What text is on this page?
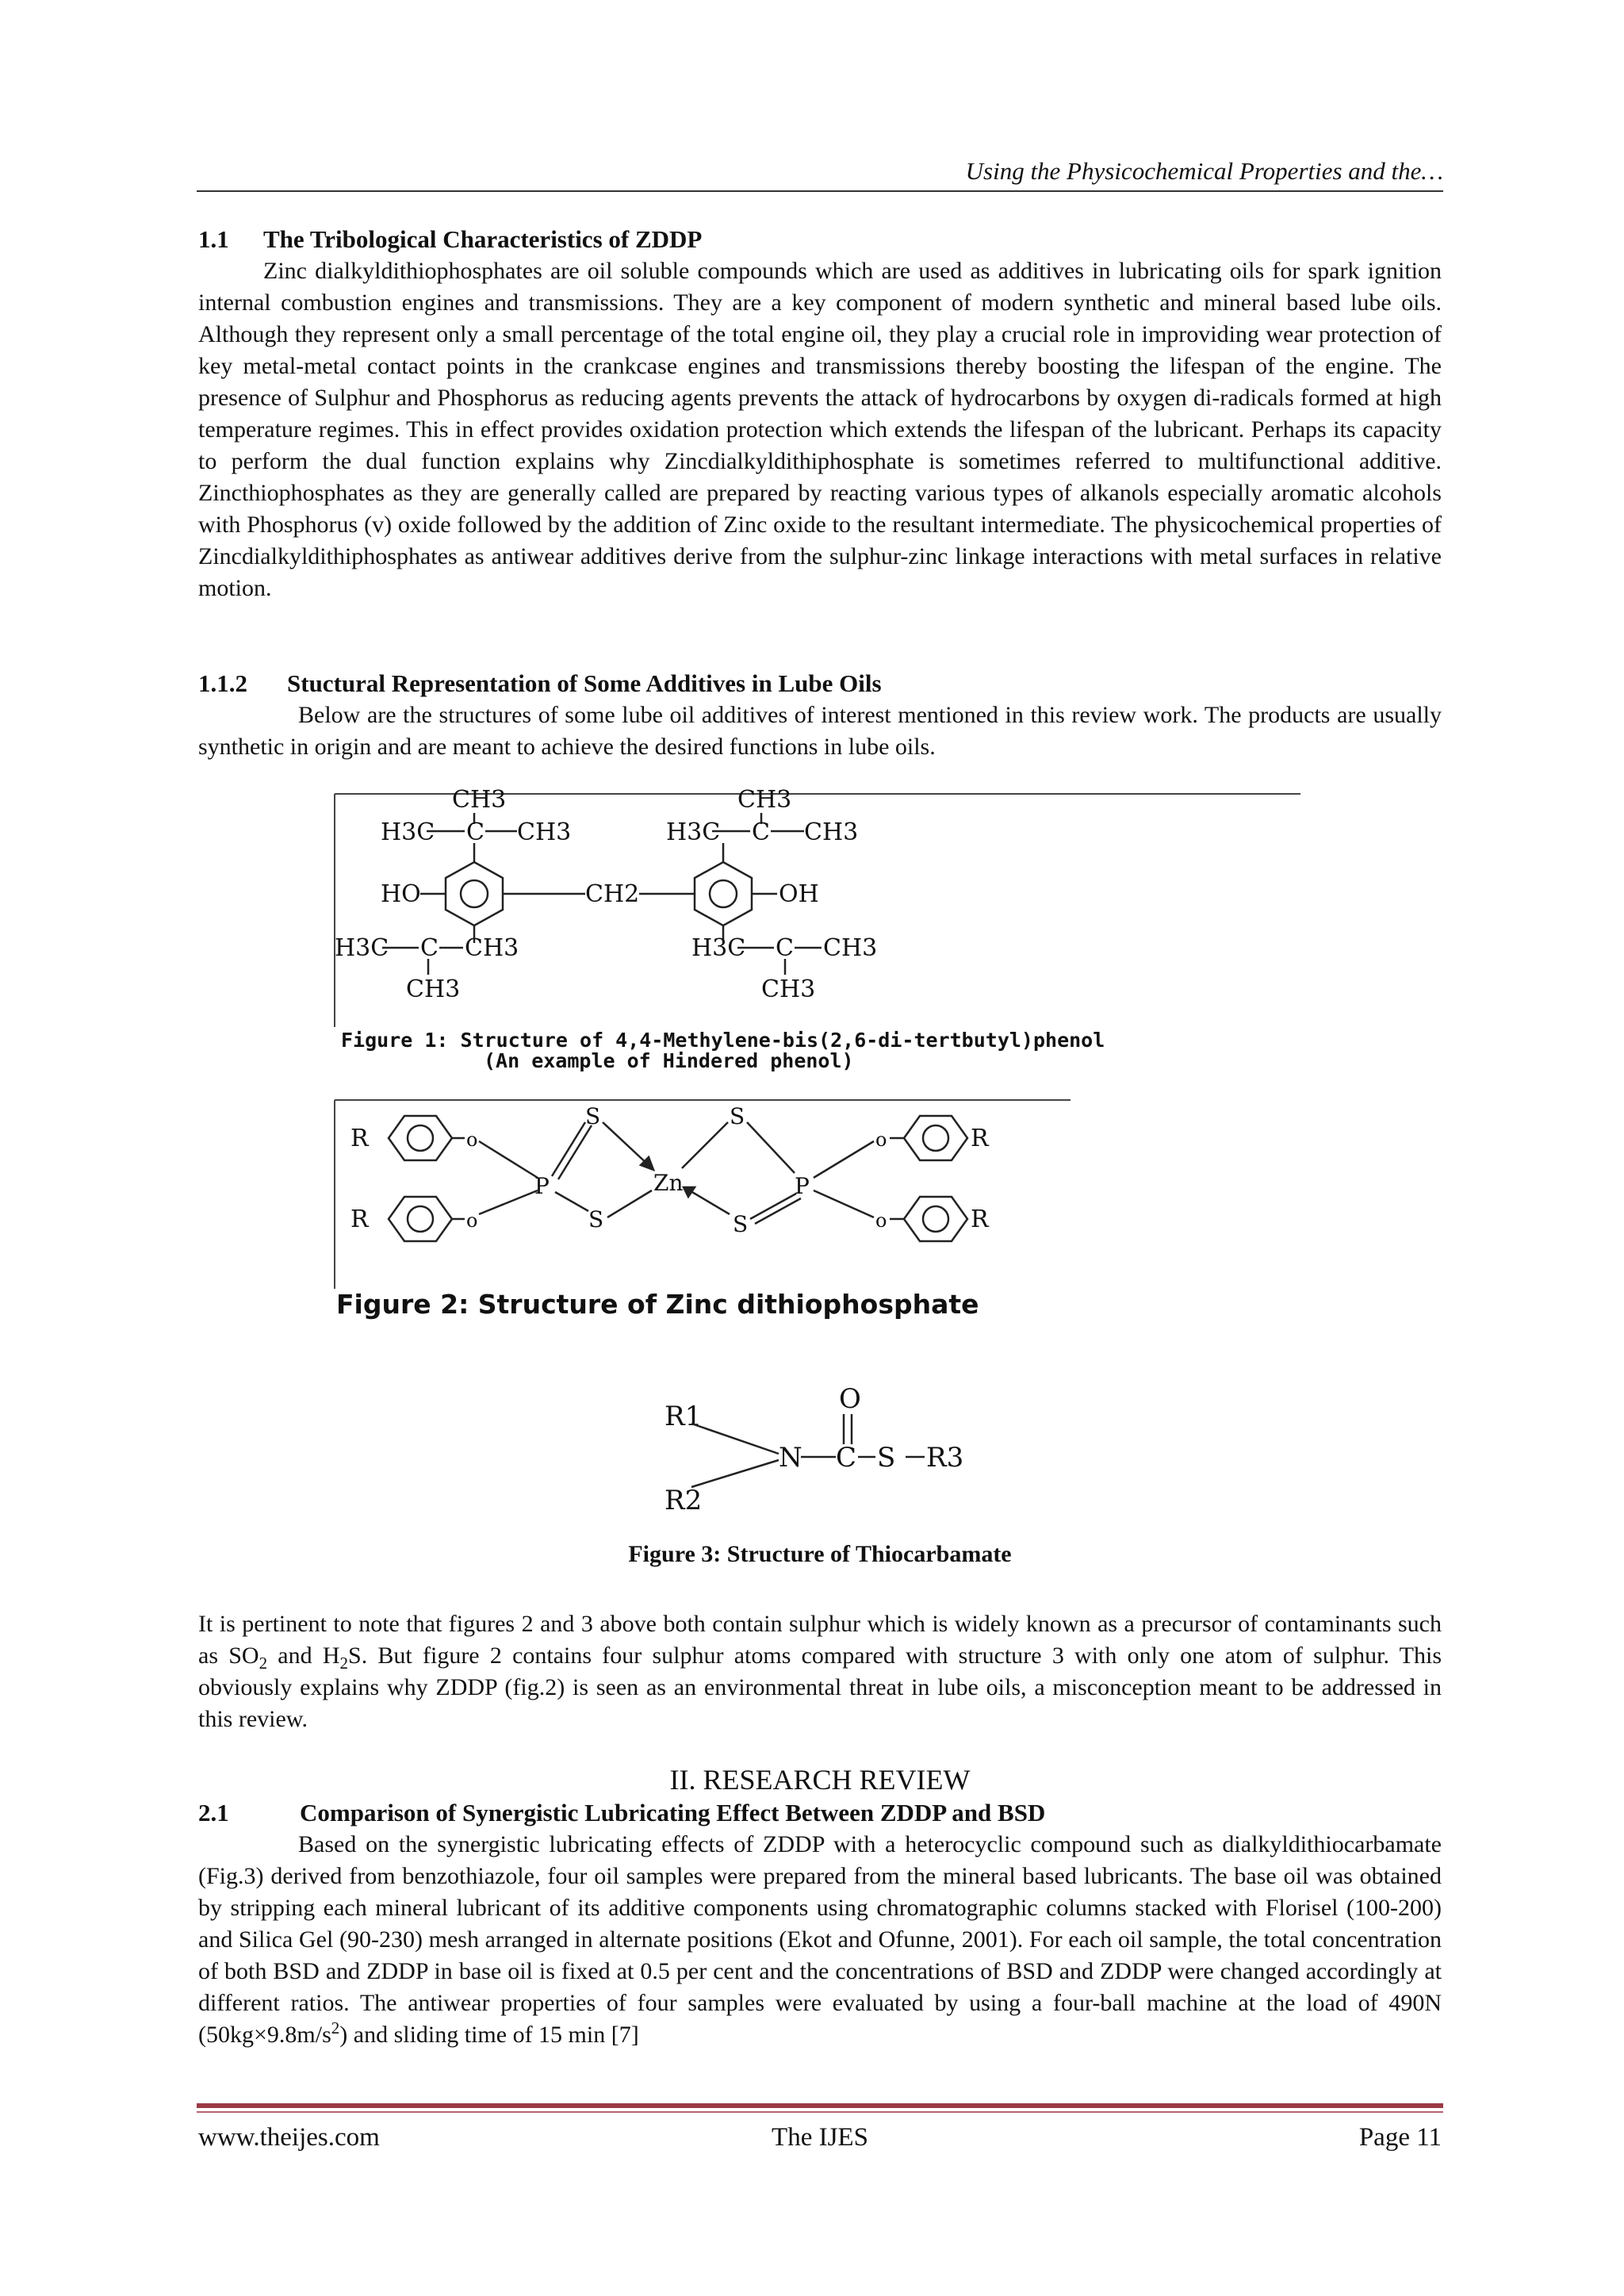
Using the Physicochemical Properties and the…

1.1 The Tribological Characteristics of ZDDP

Zinc dialkyldithiophosphates are oil soluble compounds which are used as additives in lubricating oils for spark ignition internal combustion engines and transmissions. They are a key component of modern synthetic and mineral based lube oils. Although they represent only a small percentage of the total engine oil, they play a crucial role in improviding wear protection of key metal-metal contact points in the crankcase engines and transmissions thereby boosting the lifespan of the engine. The presence of Sulphur and Phosphorus as reducing agents prevents the attack of hydrocarbons by oxygen di-radicals formed at high temperature regimes. This in effect provides oxidation protection which extends the lifespan of the lubricant. Perhaps its capacity to perform the dual function explains why Zincdialkyldithiphosphate is sometimes referred to multifunctional additive. Zincthiophosphates as they are generally called are prepared by reacting various types of alkanols especially aromatic alcohols with Phosphorus (v) oxide followed by the addition of Zinc oxide to the resultant intermediate. The physicochemical properties of Zincdialkyldithiphosphates as antiwear additives derive from the sulphur-zinc linkage interactions with metal surfaces in relative motion.

1.1.2 Stuctural Representation of Some Additives in Lube Oils

Below are the structures of some lube oil additives of interest mentioned in this review work. The products are usually synthetic in origin and are meant to achieve the desired functions in lube oils.

CH3
H3C C CH3
HO
H3C C CH3
CH3
CH2
CH3
H3C C CH3
OH
H3C C CH3
CH3
Figure 1: Structure of 4,4-Methylene-bis(2,6-di-tertbutyl)phenol
(An example of Hindered phenol)
R	o
R	o
P
S
S
Zn
S
S
P
o
o
R
R
Figure 2: Structure of Zinc dithiophosphate
R1
R2
N C
O
S R3
Figure 3: Structure of Thiocarbamate

It is pertinent to note that figures 2 and 3 above both contain sulphur which is widely known as a precursor of contaminants such as $SO_2$ and $H_2S$. But figure 2 contains four sulphur atoms compared with structure 3 with only one atom of sulphur. This obviously explains why ZDDP (fig.2) is seen as an environmental threat in lube oils, a misconception meant to be addressed in this review.

II. RESEARCH REVIEW

2.1	Comparison of Synergistic Lubricating Effect Between ZDDP and BSD

Based on the synergistic lubricating effects of ZDDP with a heterocyclic compound such as dialkyldithiocarbamate (Fig.3) derived from benzothiazole, four oil samples were prepared from the mineral based lubricants. The base oil was obtained by stripping each mineral lubricant of its additive components using chromatographic columns stacked with Florisel (100-200) and Silica Gel (90-230) mesh arranged in alternate positions (Ekot and Ofunne, 2001). For each oil sample, the total concentration of both BSD and ZDDP in base oil is fixed at 0.5 per cent and the concentrations of BSD and ZDDP were changed accordingly at different ratios. The antiwear properties of four samples were evaluated by using a four-ball machine at the load of 490N $(50kg\times 9.8m/s^2)$ and sliding time of 15 min [7]

www.theijes.com	The IJES	Page 11
